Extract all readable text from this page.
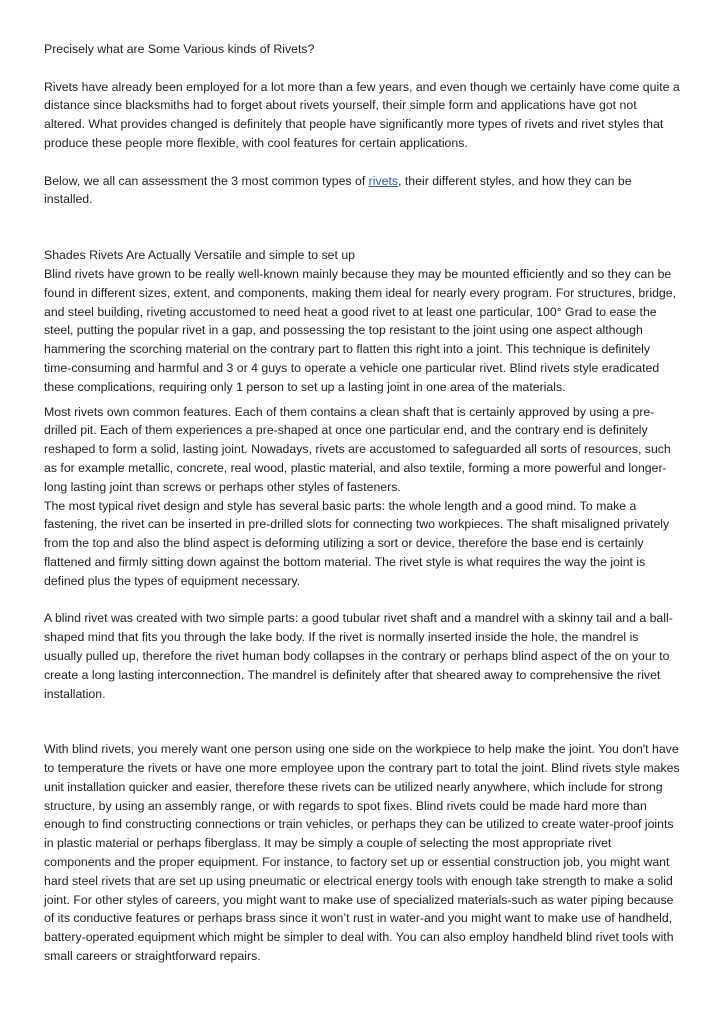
Precisely what are Some Various kinds of Rivets?

Rivets have already been employed for a lot more than a few years, and even though we certainly have come quite a distance since blacksmiths had to forget about rivets yourself, their simple form and applications have got not altered. What provides changed is definitely that people have significantly more types of rivets and rivet styles that produce these people more flexible, with cool features for certain applications.

Below, we all can assessment the 3 most common types of rivets, their different styles, and how they can be installed.

Shades Rivets Are Actually Versatile and simple to set up

Blind rivets have grown to be really well-known mainly because they may be mounted efficiently and so they can be found in different sizes, extent, and components, making them ideal for nearly every program. For structures, bridge, and steel building, riveting accustomed to need heat a good rivet to at least one particular, 100° Grad to ease the steel, putting the popular rivet in a gap, and possessing the top resistant to the joint using one aspect although hammering the scorching material on the contrary part to flatten this right into a joint. This technique is definitely time-consuming and harmful and 3 or 4 guys to operate a vehicle one particular rivet. Blind rivets style eradicated these complications, requiring only 1 person to set up a lasting joint in one area of the materials.

Most rivets own common features. Each of them contains a clean shaft that is certainly approved by using a pre-drilled pit. Each of them experiences a pre-shaped at once one particular end, and the contrary end is definitely reshaped to form a solid, lasting joint. Nowadays, rivets are accustomed to safeguarded all sorts of resources, such as for example metallic, concrete, real wood, plastic material, and also textile, forming a more powerful and longer-long lasting joint than screws or perhaps other styles of fasteners.

The most typical rivet design and style has several basic parts: the whole length and a good mind. To make a fastening, the rivet can be inserted in pre-drilled slots for connecting two workpieces. The shaft misaligned privately from the top and also the blind aspect is deforming utilizing a sort or device, therefore the base end is certainly flattened and firmly sitting down against the bottom material. The rivet style is what requires the way the joint is defined plus the types of equipment necessary.

A blind rivet was created with two simple parts: a good tubular rivet shaft and a mandrel with a skinny tail and a ball-shaped mind that fits you through the lake body. If the rivet is normally inserted inside the hole, the mandrel is usually pulled up, therefore the rivet human body collapses in the contrary or perhaps blind aspect of the on your to create a long lasting interconnection. The mandrel is definitely after that sheared away to comprehensive the rivet installation.

With blind rivets, you merely want one person using one side on the workpiece to help make the joint. You don't have to temperature the rivets or have one more employee upon the contrary part to total the joint. Blind rivets style makes unit installation quicker and easier, therefore these rivets can be utilized nearly anywhere, which include for strong structure, by using an assembly range, or with regards to spot fixes. Blind rivets could be made hard more than enough to find constructing connections or train vehicles, or perhaps they can be utilized to create water-proof joints in plastic material or perhaps fiberglass. It may be simply a couple of selecting the most appropriate rivet components and the proper equipment. For instance, to factory set up or essential construction job, you might want hard steel rivets that are set up using pneumatic or electrical energy tools with enough take strength to make a solid joint. For other styles of careers, you might want to make use of specialized materials-such as water piping because of its conductive features or perhaps brass since it won’t rust in water-and you might want to make use of handheld, battery-operated equipment which might be simpler to deal with. You can also employ handheld blind rivet tools with small careers or straightforward repairs.
